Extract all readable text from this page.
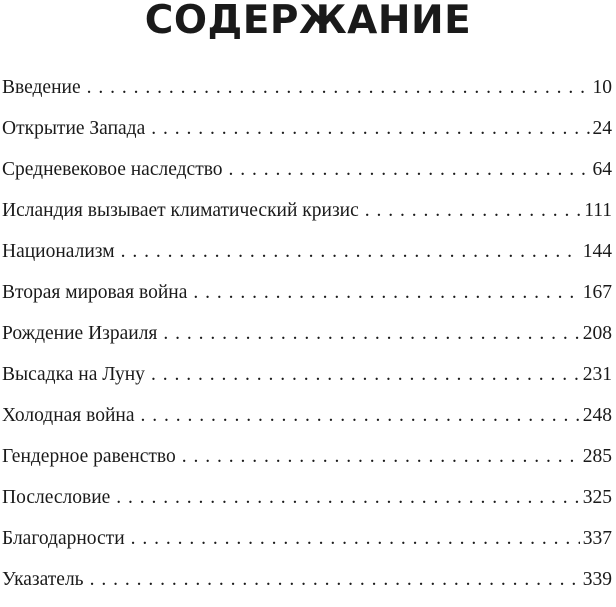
СОДЕРЖАНИЕ
Введение . . .	10
Открытие Запада . . .	24
Средневековое наследство . . .	64
Исландия вызывает климатический кризис . . .	111
Национализм . . .	144
Вторая мировая война . . .	167
Рождение Израиля . . .	208
Высадка на Луну . . .	231
Холодная война . . .	248
Гендерное равенство . . .	285
Послесловие . . .	325
Благодарности . . .	337
Указатель . . .	339
